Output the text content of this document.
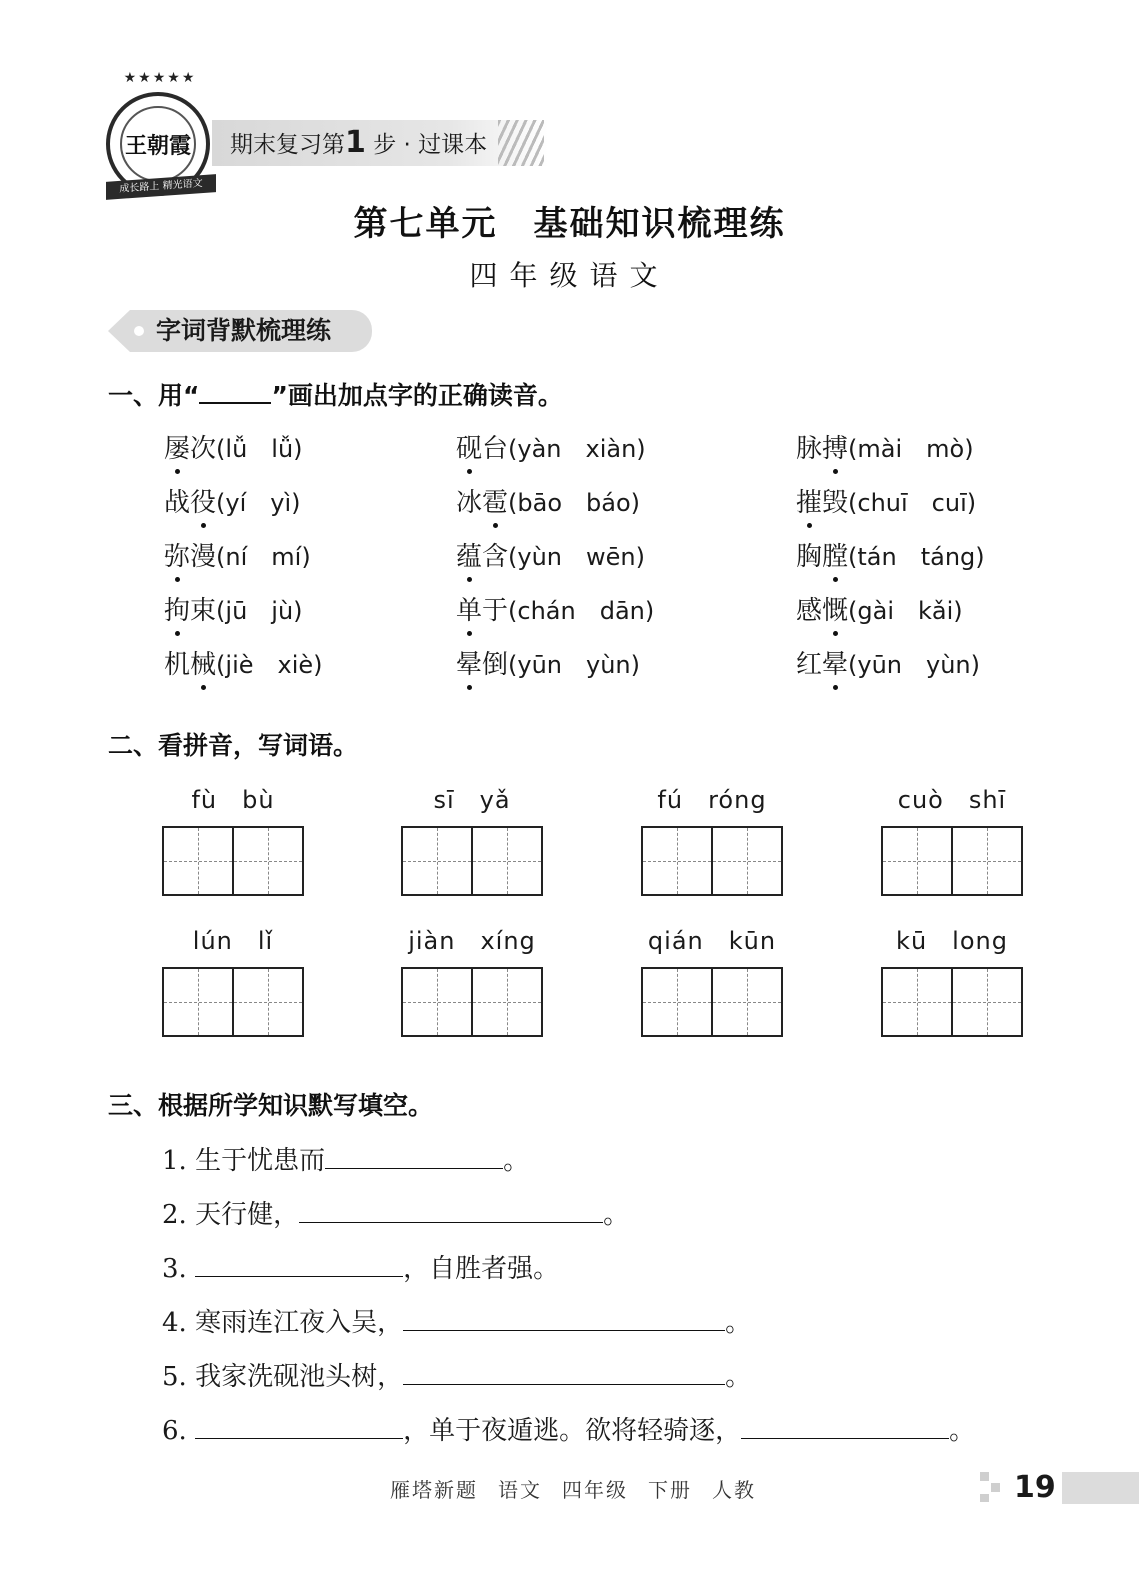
★★★★★
王朝霞
成长路上 精光语文
期末复习第1 步 · 过课本
第七单元　基础知识梳理练
四年级语文
字词背默梳理练
一、用“	”画出加点字的正确读音。
屡次(lǚ　lǚ)	砚台(yàn　xiàn)	脉搏(mài　mò)
战役(yí　yì)	冰雹(bāo　báo)	摧毁(chuī　cuī)
弥漫(ní　mí)	蕴含(yùn　wēn)	胸膛(tán　táng)
拘束(jū　jù)	单于(chán　dān)	感慨(gài　kǎi)
机械(jiè　xiè)	晕倒(yūn　yùn)	红晕(yūn　yùn)
二、看拼音，写词语。
fù　bù	sī　yǎ	fú　róng	cuò　shī
lún　lǐ	jiàn　xíng	qián　kūn	kū　long
三、根据所学知识默写填空。
1. 生于忧患而	。
2. 天行健，	。
3.	，自胜者强。
4. 寒雨连江夜入吴，	。
5. 我家洗砚池头树，	。
6.	，单于夜遁逃。欲将轻骑逐，	。
雁塔新题 语文 四年级 下册 人教	19
